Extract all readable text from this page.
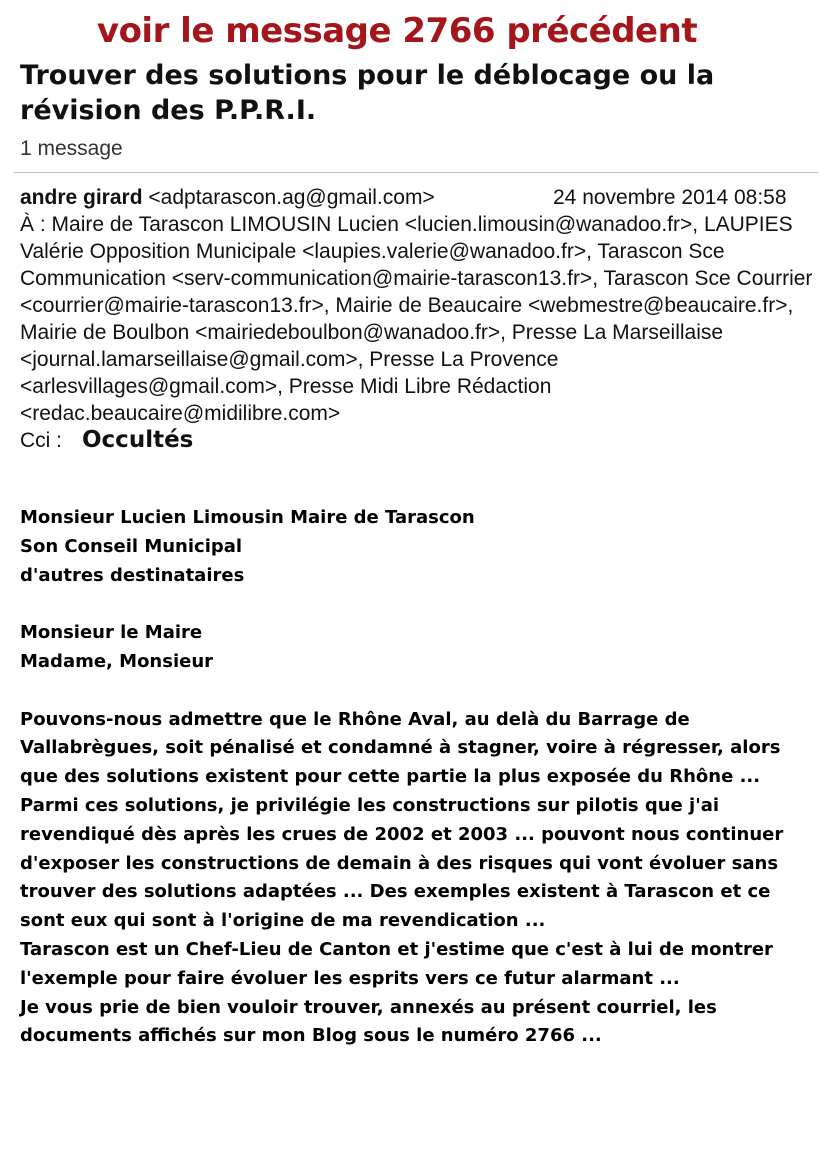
voir le message 2766 précédent
Trouver des solutions pour le déblocage ou la révision des P.P.R.I.
1 message
andre girard <adptarascon.ag@gmail.com>	24 novembre 2014 08:58

À : Maire de Tarascon LIMOUSIN Lucien <lucien.limousin@wanadoo.fr>, LAUPIES Valérie Opposition Municipale <laupies.valerie@wanadoo.fr>, Tarascon Sce Communication <serv-communication@mairie-tarascon13.fr>, Tarascon Sce Courrier <courrier@mairie-tarascon13.fr>, Mairie de Beaucaire <webmestre@beaucaire.fr>, Mairie de Boulbon <mairiedeboulbon@wanadoo.fr>, Presse La Marseillaise <journal.lamarseillaise@gmail.com>, Presse La Provence <arlesvillages@gmail.com>, Presse Midi Libre Rédaction <redac.beaucaire@midilibre.com>

Cci : Occultés

Monsieur Lucien Limousin Maire de Tarascon

Son Conseil Municipal

d'autres destinataires

Monsieur le Maire

Madame, Monsieur

Pouvons-nous admettre que le Rhône Aval, au delà du Barrage de Vallabrègues, soit pénalisé et condamné à stagner, voire à régresser, alors que des solutions existent pour cette partie la plus exposée du Rhône ...

Parmi ces solutions, je privilégie les constructions sur pilotis que j'ai revendiqué dès après les crues de 2002 et 2003 ... pouvont nous continuer d'exposer les constructions de demain à des risques qui vont évoluer sans trouver des solutions adaptées ... Des exemples existent à Tarascon et ce sont eux qui sont à l'origine de ma revendication ...

Tarascon est un Chef-Lieu de Canton et j'estime que c'est à lui de montrer l'exemple pour faire évoluer les esprits vers ce futur alarmant ...

Je vous prie de bien vouloir trouver, annexés au présent courriel, les documents affichés sur mon Blog sous le numéro 2766 ...
